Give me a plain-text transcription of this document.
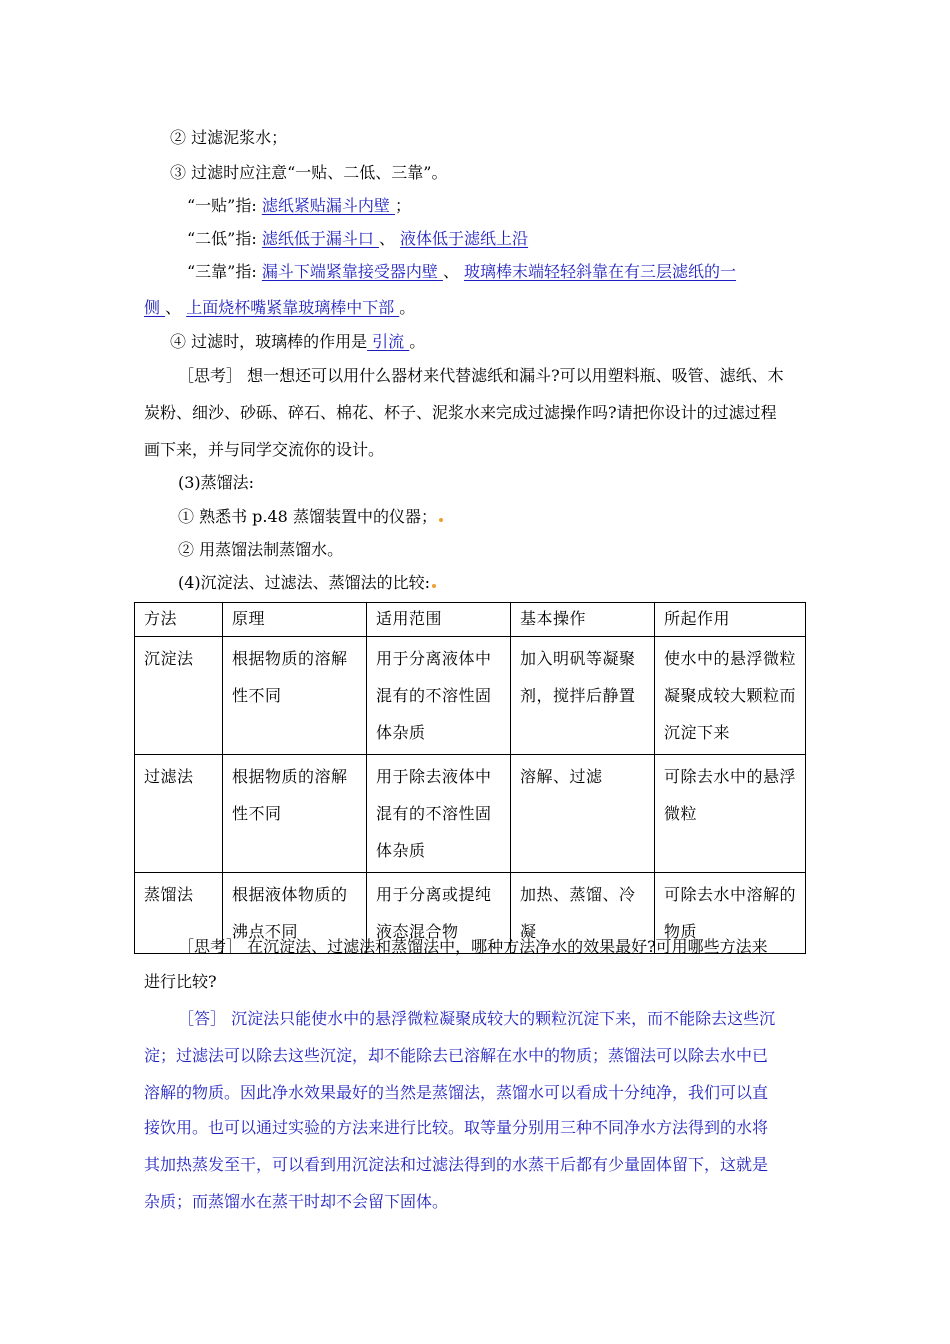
② 过滤泥浆水；
③ 过滤时应注意“一贴、二低、三靠”。
“一贴”指: 滤纸紧贴漏斗内壁 ；
“二低”指: 滤纸低于漏斗口 、 液体低于滤纸上沿
“三靠”指: 漏斗下端紧靠接受器内壁 、 玻璃棒末端轻轻斜靠在有三层滤纸的一
侧 、 上面烧杯嘴紧靠玻璃棒中下部 。
④ 过滤时，玻璃棒的作用是 引流 。
［思考］ 想一想还可以用什么器材来代替滤纸和漏斗?可以用塑料瓶、吸管、滤纸、木
炭粉、细沙、砂砾、碎石、棉花、杯子、泥浆水来完成过滤操作吗?请把你设计的过滤过程
画下来，并与同学交流你的设计。
(3)蒸馏法:
① 熟悉书 p.48 蒸馏装置中的仪器；
② 用蒸馏法制蒸馏水。
(4)沉淀法、过滤法、蒸馏法的比较:
方法	原理	适用范围	基本操作	所起作用
沉淀法	根据物质的溶解性不同	用于分离液体中混有的不溶性固体杂质	加入明矾等凝聚剂，搅拌后静置	使水中的悬浮微粒凝聚成较大颗粒而沉淀下来
过滤法	根据物质的溶解性不同	用于除去液体中混有的不溶性固体杂质	溶解、过滤	可除去水中的悬浮微粒
蒸馏法	根据液体物质的沸点不同	用于分离或提纯液态混合物	加热、蒸馏、冷凝	可除去水中溶解的物质
［思考］ 在沉淀法、过滤法和蒸馏法中，哪种方法净水的效果最好?可用哪些方法来
进行比较?
［答］ 沉淀法只能使水中的悬浮微粒凝聚成较大的颗粒沉淀下来，而不能除去这些沉
淀；过滤法可以除去这些沉淀，却不能除去已溶解在水中的物质；蒸馏法可以除去水中已
溶解的物质。因此净水效果最好的当然是蒸馏法，蒸馏水可以看成十分纯净，我们可以直
接饮用。也可以通过实验的方法来进行比较。取等量分别用三种不同净水方法得到的水将
其加热蒸发至干，可以看到用沉淀法和过滤法得到的水蒸干后都有少量固体留下，这就是
杂质；而蒸馏水在蒸干时却不会留下固体。
